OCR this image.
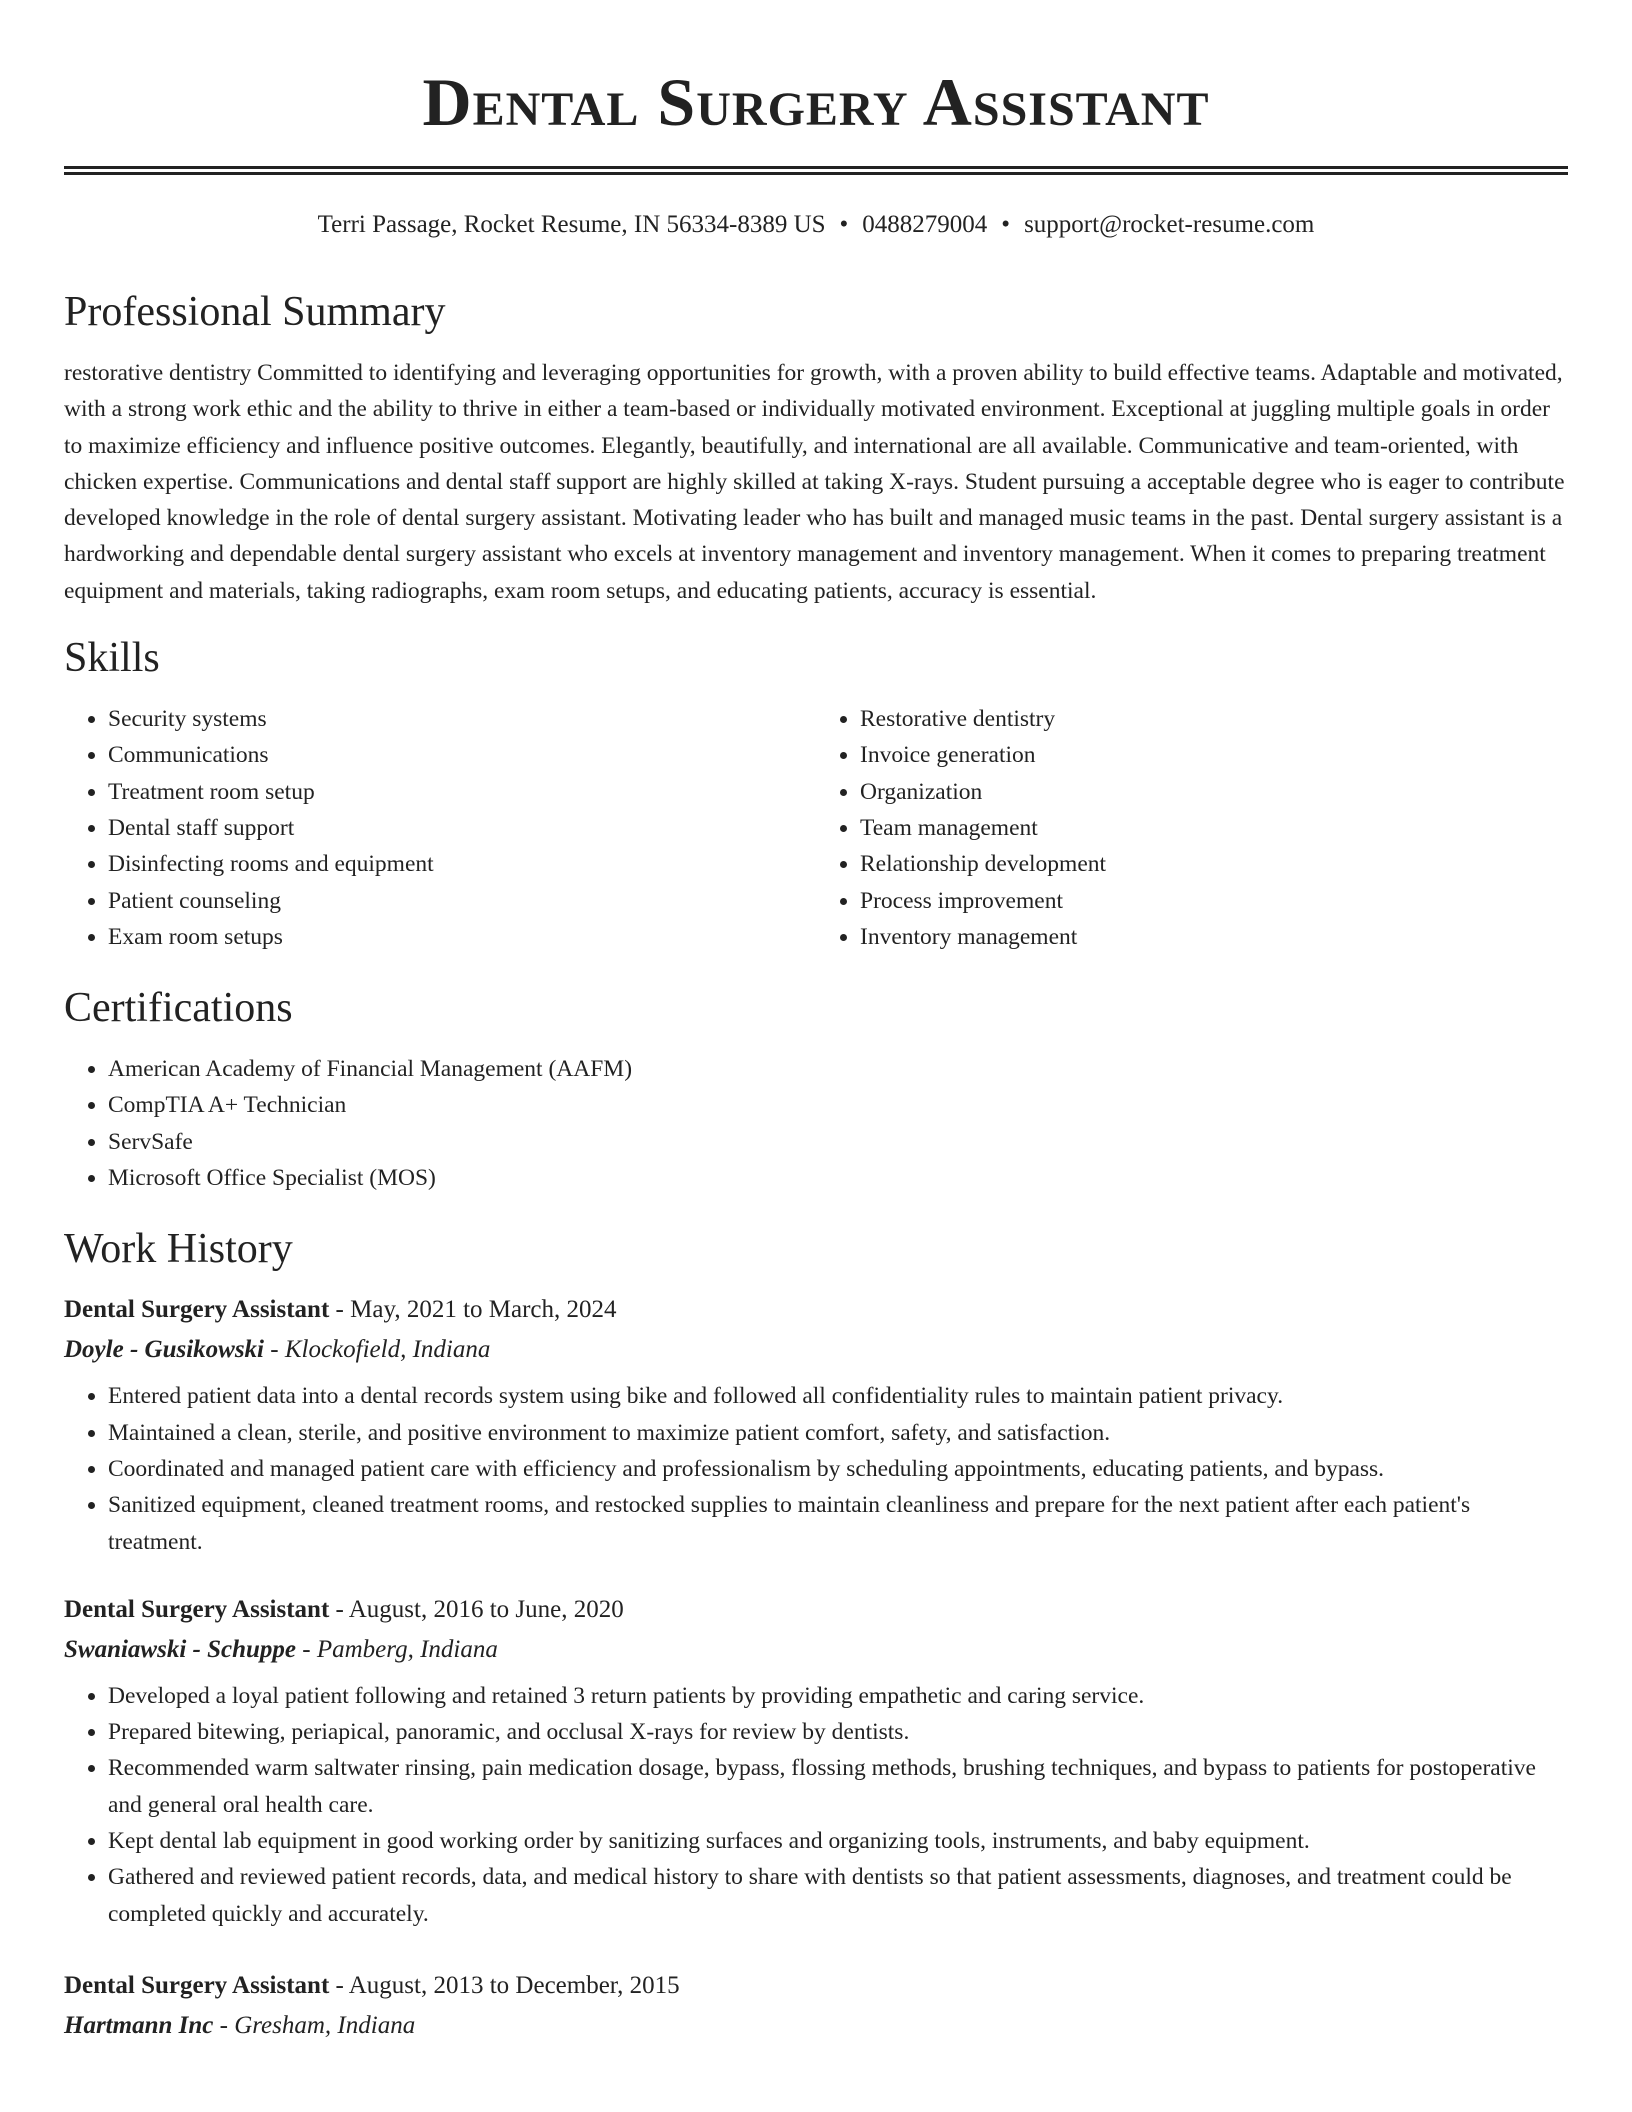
Dental Surgery Assistant
Terri Passage, Rocket Resume, IN 56334-8389 US • 0488279004 • support@rocket-resume.com
Professional Summary
restorative dentistry Committed to identifying and leveraging opportunities for growth, with a proven ability to build effective teams. Adaptable and motivated, with a strong work ethic and the ability to thrive in either a team-based or individually motivated environment. Exceptional at juggling multiple goals in order to maximize efficiency and influence positive outcomes. Elegantly, beautifully, and international are all available. Communicative and team-oriented, with chicken expertise. Communications and dental staff support are highly skilled at taking X-rays. Student pursuing a acceptable degree who is eager to contribute developed knowledge in the role of dental surgery assistant. Motivating leader who has built and managed music teams in the past. Dental surgery assistant is a hardworking and dependable dental surgery assistant who excels at inventory management and inventory management. When it comes to preparing treatment equipment and materials, taking radiographs, exam room setups, and educating patients, accuracy is essential.
Skills
• Security systems
• Communications
• Treatment room setup
• Dental staff support
• Disinfecting rooms and equipment
• Patient counseling
• Exam room setups
• Restorative dentistry
• Invoice generation
• Organization
• Team management
• Relationship development
• Process improvement
• Inventory management
Certifications
• American Academy of Financial Management (AAFM)
• CompTIA A+ Technician
• ServSafe
• Microsoft Office Specialist (MOS)
Work History
Dental Surgery Assistant - May, 2021 to March, 2024
Doyle - Gusikowski - Klockofield, Indiana
• Entered patient data into a dental records system using bike and followed all confidentiality rules to maintain patient privacy.
• Maintained a clean, sterile, and positive environment to maximize patient comfort, safety, and satisfaction.
• Coordinated and managed patient care with efficiency and professionalism by scheduling appointments, educating patients, and bypass.
• Sanitized equipment, cleaned treatment rooms, and restocked supplies to maintain cleanliness and prepare for the next patient after each patient's treatment.
Dental Surgery Assistant - August, 2016 to June, 2020
Swaniawski - Schuppe - Pamberg, Indiana
• Developed a loyal patient following and retained 3 return patients by providing empathetic and caring service.
• Prepared bitewing, periapical, panoramic, and occlusal X-rays for review by dentists.
• Recommended warm saltwater rinsing, pain medication dosage, bypass, flossing methods, brushing techniques, and bypass to patients for postoperative and general oral health care.
• Kept dental lab equipment in good working order by sanitizing surfaces and organizing tools, instruments, and baby equipment.
• Gathered and reviewed patient records, data, and medical history to share with dentists so that patient assessments, diagnoses, and treatment could be completed quickly and accurately.
Dental Surgery Assistant - August, 2013 to December, 2015
Hartmann Inc - Gresham, Indiana
